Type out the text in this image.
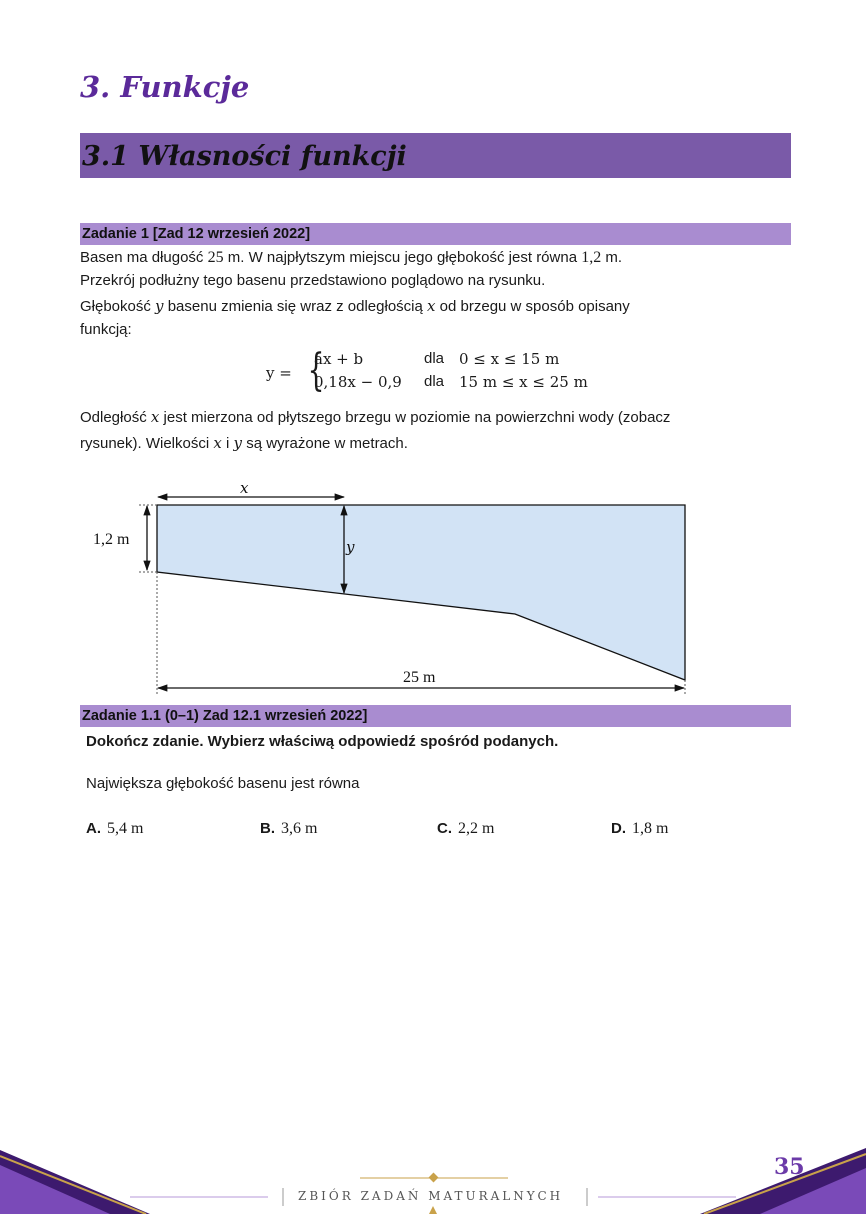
3. Funkcje
3.1 Własności funkcji
Zadanie 1 [Zad 12 wrzesień 2022]

Basen ma długość 25 m. W najpłytszym miejscu jego głębokość jest równa 1,2 m.

Przekrój podłużny tego basenu przedstawiono poglądowo na rysunku.

Głębokość y basenu zmienia się wraz z odległością x od brzegu w sposób opisany

funkcją:

y = {
ax + b	dla 0 ≤ x ≤ 15 m
0,18x − 0,9 dla 15 m ≤ x ≤ 25 m

Odległość x jest mierzona od płytszego brzegu w poziomie na powierzchni wody (zobacz

rysunek). Wielkości x i y są wyrażone w metrach.

x
y
1,2 m
25 m
Zadanie 1.1 (0–1) Zad 12.1 wrzesień 2022]

Dokończ zdanie. Wybierz właściwą odpowiedź spośród podanych.

Największa głębokość basenu jest równa

A. 5,4 m	B. 3,6 m	C. 2,2 m	D. 1,8 m
35
ZBIÓR ZADAŃ MATURALNYCH
